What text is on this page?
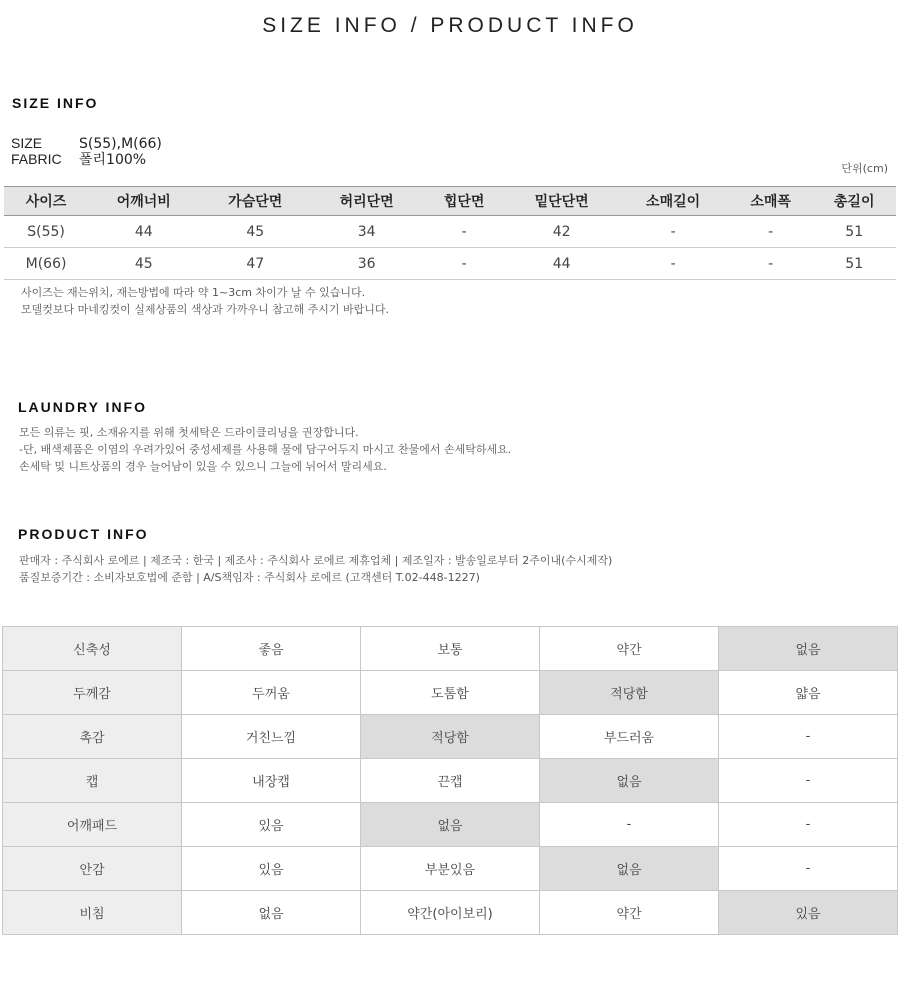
SIZE INFO / PRODUCT INFO
SIZE INFO
SIZE	S(55),M(66)
FABRIC 폴리100%
단위(cm)
사이즈	어깨너비	가슴단면	허리단면	힙단면	밑단단면	소매길이	소매폭	총길이
S(55)	44	45	34	-	42	-	-	51
M(66)	45	47	36	-	44	-	-	51
사이즈는 재는위치, 재는방법에 따라 약 1~3cm 차이가 날 수 있습니다.
모델컷보다 마네킹컷이 실제상품의 색상과 가까우니 참고해 주시기 바랍니다.
LAUNDRY INFO
모든 의류는 핏, 소재유지를 위해 첫세탁은 드라이클리닝을 권장합니다.
-단, 배색제품은 이염의 우려가있어 중성세제를 사용해 물에 담구어두지 마시고 찬물에서 손세탁하세요.
손세탁 및 니트상품의 경우 늘어남이 있을 수 있으니 그늘에 뉘어서 말리세요.
PRODUCT INFO
판매자 : 주식회사 로에르 | 제조국 : 한국 | 제조사 : 주식회사 로에르 제휴업체 | 제조일자 : 발송일로부터 2주이내(수시제작)
품질보증기간 : 소비자보호법에 준함 | A/S책임자 : 주식회사 로에르 (고객센터 T.02-448-1227)
신축성	좋음	보통	약간	없음
두께감	두꺼움	도톰함	적당함	얇음
촉감	거친느낌	적당함	부드러움	-
캡	내장캡	끈캡	없음	-
어깨패드	있음	없음	-	-
안감	있음	부분있음	없음	-
비침	없음	약간(아이보리)	약간	있음
